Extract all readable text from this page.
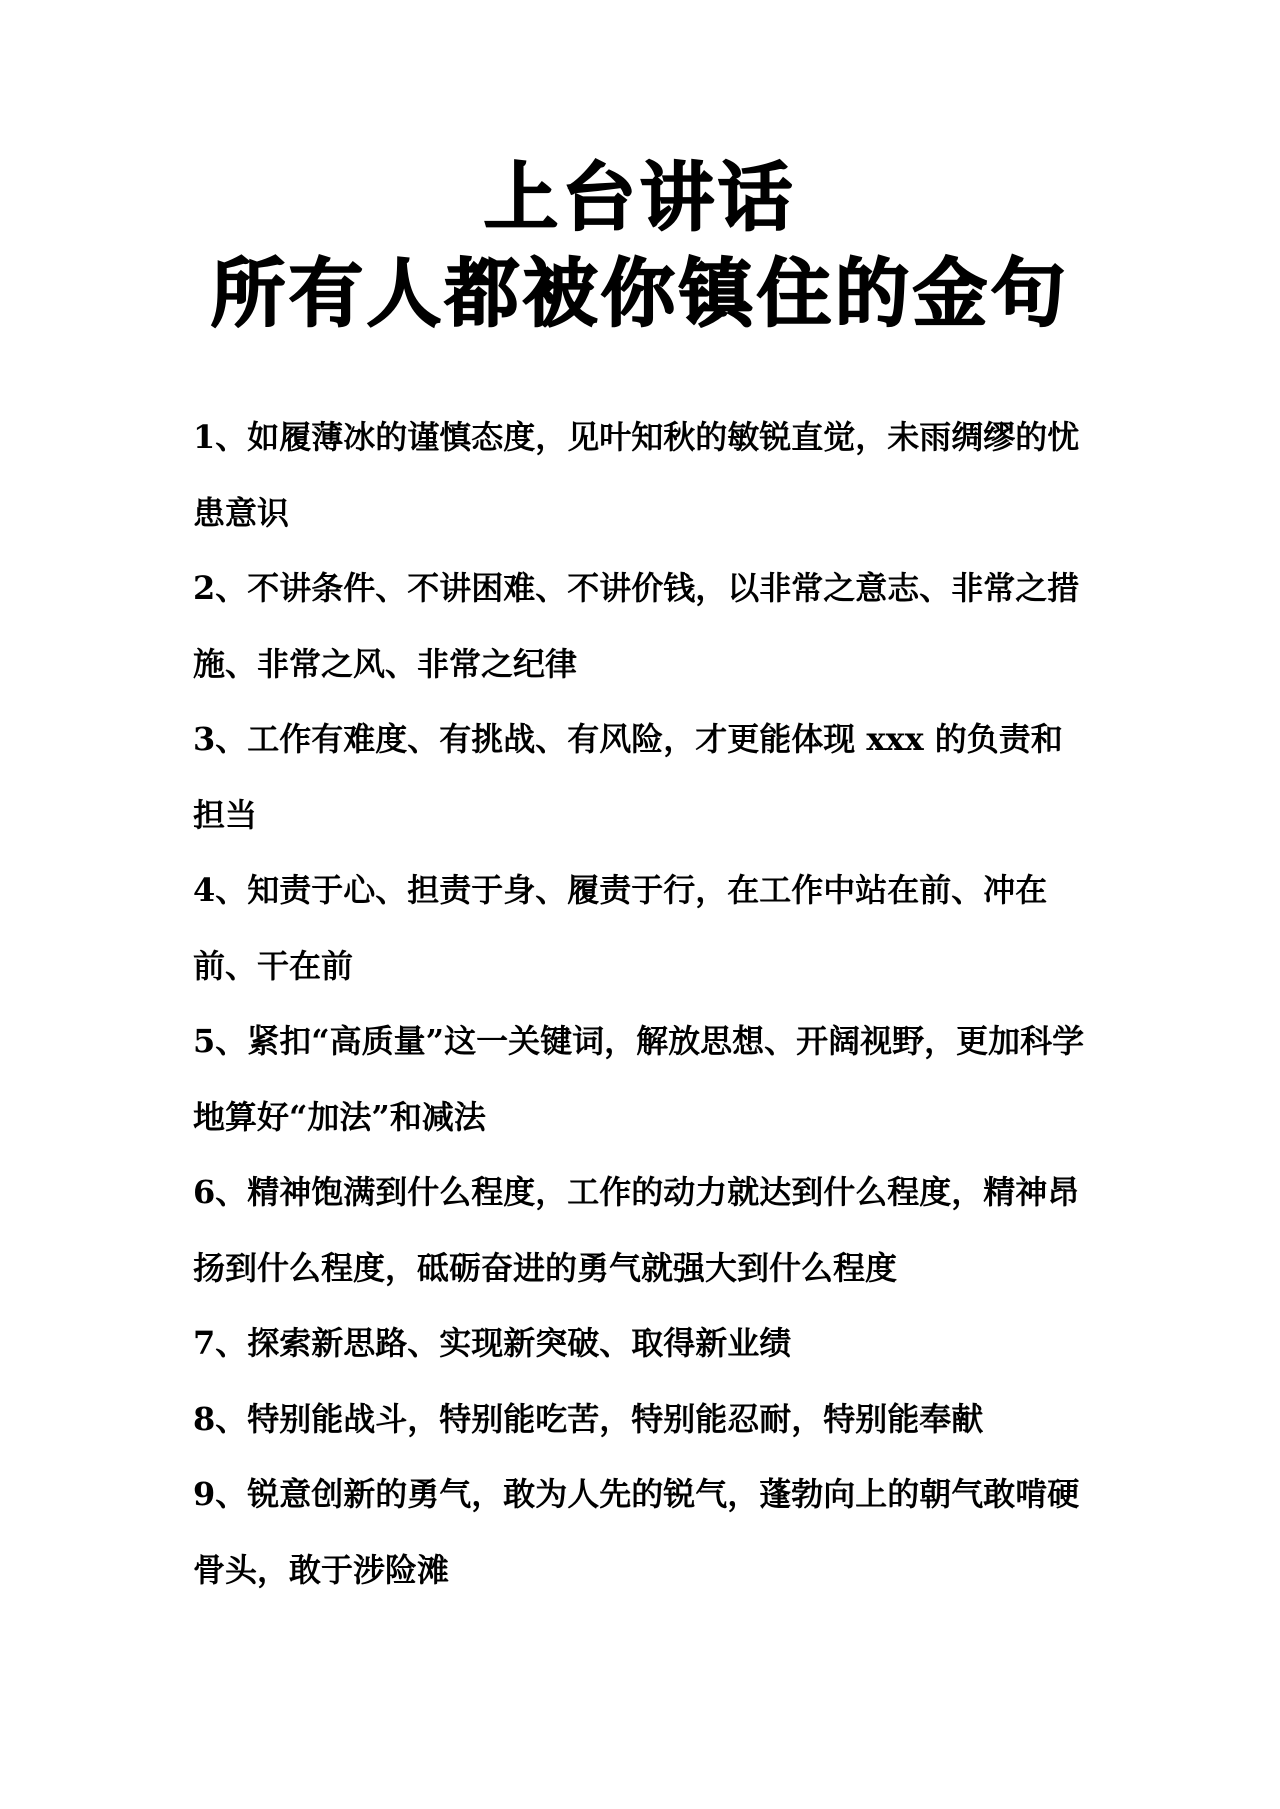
上台讲话
所有人都被你镇住的金句
1、如履薄冰的谨慎态度，见叶知秋的敏锐直觉，未雨绸缪的忧患意识
2、不讲条件、不讲困难、不讲价钱，以非常之意志、非常之措施、非常之风、非常之纪律
3、工作有难度、有挑战、有风险，才更能体现 xxx 的负责和担当
4、知责于心、担责于身、履责于行，在工作中站在前、冲在前、干在前
5、紧扣“高质量”这一关键词，解放思想、开阔视野，更加科学地算好“加法”和减法
6、精神饱满到什么程度，工作的动力就达到什么程度，精神昂扬到什么程度，砥砺奋进的勇气就强大到什么程度
7、探索新思路、实现新突破、取得新业绩
8、特别能战斗，特别能吃苦，特别能忍耐，特别能奉献
9、锐意创新的勇气，敢为人先的锐气，蓬勃向上的朝气敢啃硬骨头，敢于涉险滩
